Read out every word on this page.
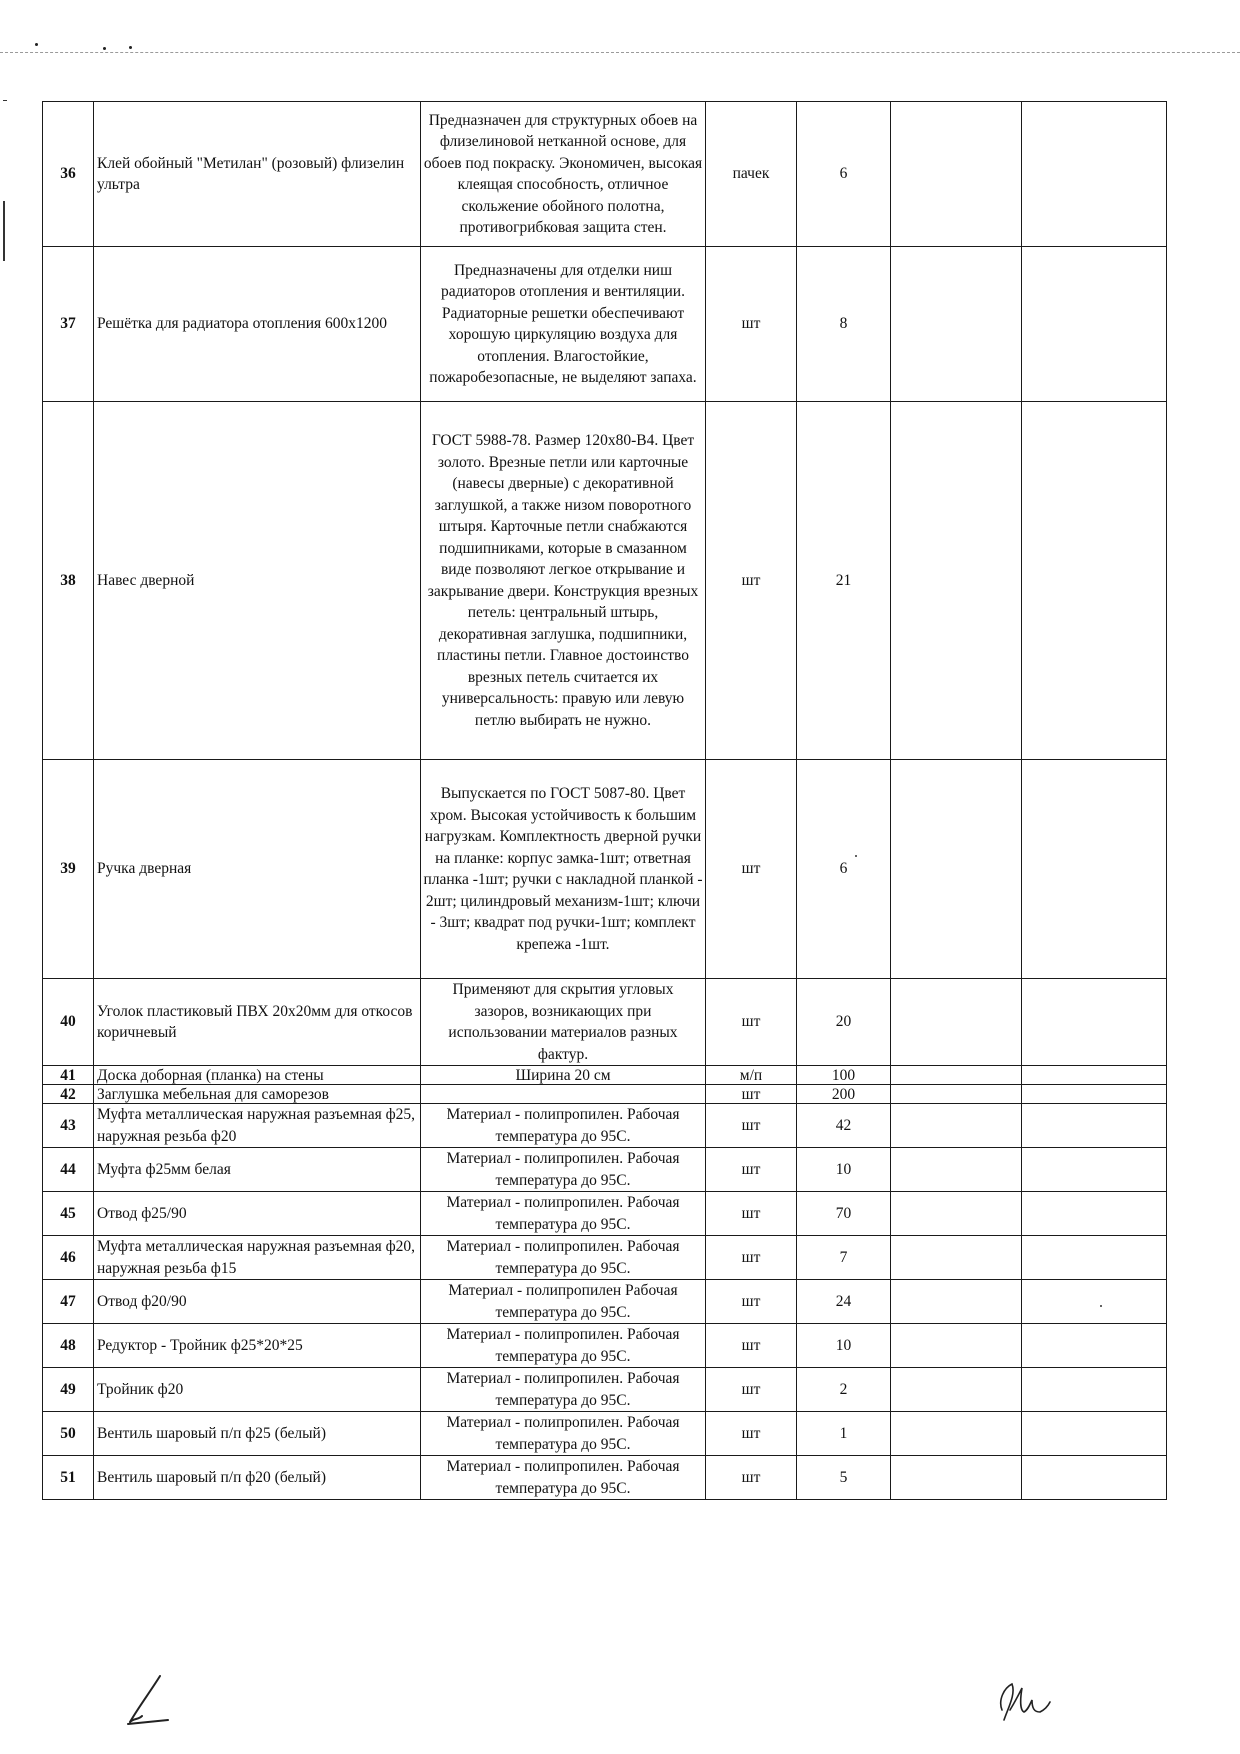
36	Клей обойный "Метилан" (розовый) флизелин ультра	Предназначен для структурных обоев на флизелиновой нетканной основе, для обоев под покраску. Экономичен, высокая клеящая способность, отличное скольжение обойного полотна, противогрибковая защита стен.	пачек	6		
37	Решётка для радиатора отопления 600x1200	Предназначены для отделки ниш радиаторов отопления и вентиляции. Радиаторные решетки обеспечивают хорошую циркуляцию воздуха для отопления. Влагостойкие, пожаробезопасные, не выделяют запаха.	шт	8		
38	Навес дверной	ГОСТ 5988-78. Размер 120x80-В4. Цвет золото. Врезные петли или карточные (навесы дверные) с декоративной заглушкой, а также низом поворотного штыря. Карточные петли снабжаются подшипниками, которые в смазанном виде позволяют легкое открывание и закрывание двери. Конструкция врезных петель: центральный штырь, декоративная заглушка, подшипники, пластины петли. Главное достоинство врезных петель считается их универсальность: правую или левую петлю выбирать не нужно.	шт	21		
39	Ручка дверная	Выпускается по ГОСТ 5087-80. Цвет хром. Высокая устойчивость к большим нагрузкам. Комплектность дверной ручки на планке: корпус замка-1шт; ответная планка -1шт; ручки с накладной планкой - 2шт; цилиндровый механизм-1шт; ключи - 3шт; квадрат под ручки-1шт; комплект крепежа -1шт.	шт	6		
40	Уголок пластиковый ПВХ 20х20мм для откосов коричневый	Применяют для скрытия угловых зазоров, возникающих при использовании материалов разных фактур.	шт	20		
41	Доска доборная (планка) на стены	Ширина 20 см	м/п	100		
42	Заглушка мебельная для саморезов		шт	200		
43	Муфта металлическая наружная разъемная ф25, наружная резьба ф20	Материал - полипропилен. Рабочая температура до 95С.	шт	42		
44	Муфта ф25мм белая	Материал - полипропилен. Рабочая температура до 95С.	шт	10		
45	Отвод ф25/90	Материал - полипропилен. Рабочая температура до 95С.	шт	70		
46	Муфта металлическая наружная разъемная ф20, наружная резьба ф15	Материал - полипропилен. Рабочая температура до 95С.	шт	7		
47	Отвод ф20/90	Материал - полипропилен Рабочая температура до 95С.	шт	24		
48	Редуктор - Тройник ф25*20*25	Материал - полипропилен. Рабочая температура до 95С.	шт	10		
49	Тройник ф20	Материал - полипропилен. Рабочая температура до 95С.	шт	2		
50	Вентиль шаровый п/п ф25 (белый)	Материал - полипропилен. Рабочая температура до 95С.	шт	1		
51	Вентиль шаровый п/п ф20 (белый)	Материал - полипропилен. Рабочая температура до 95С.	шт	5		
